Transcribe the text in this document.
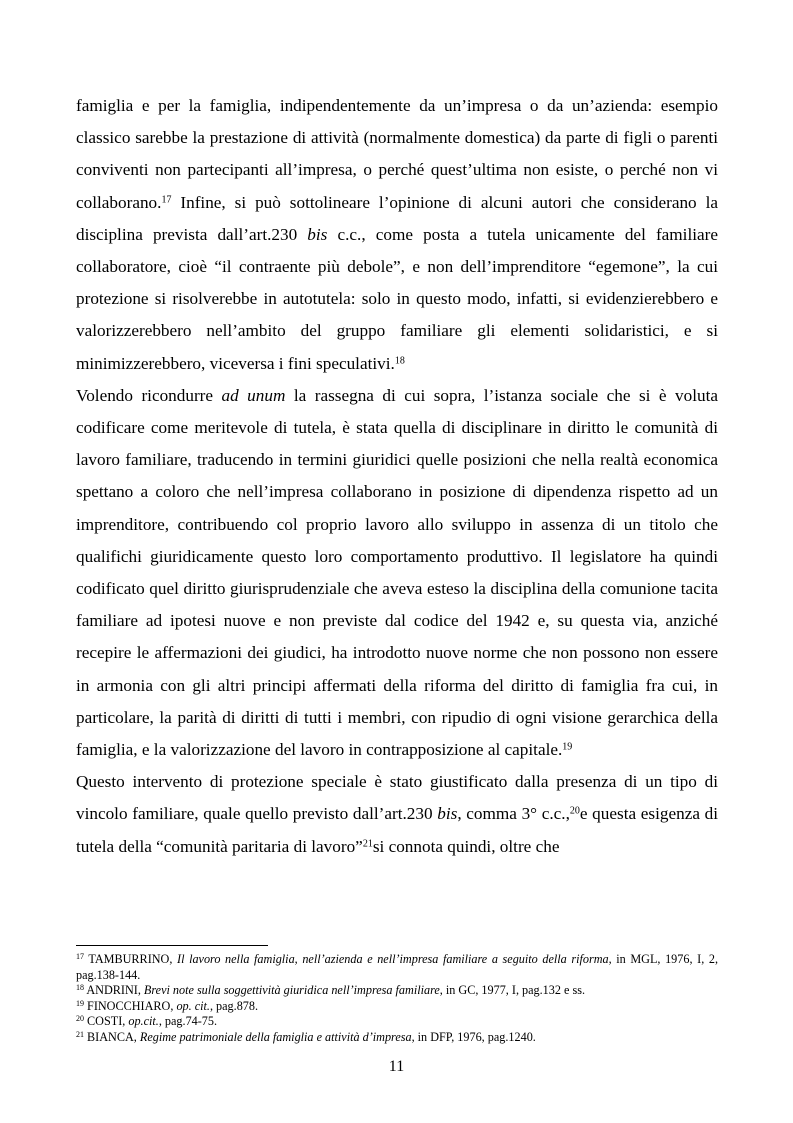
famiglia e per la famiglia, indipendentemente da un’impresa o da un’azienda: esempio classico sarebbe la prestazione di attività (normalmente domestica) da parte di figli o parenti conviventi non partecipanti all’impresa, o perché quest’ultima non esiste, o perché non vi collaborano.$^{17}$ Infine, si può sottolineare l’opinione di alcuni autori che considerano la disciplina prevista dall’art.230 bis c.c., come posta a tutela unicamente del familiare collaboratore, cioè “il contraente più debole”, e non dell’imprenditore “egemone”, la cui protezione si risolverebbe in autotutela: solo in questo modo, infatti, si evidenzierebbero e valorizzerebbero nell’ambito del gruppo familiare gli elementi solidaristici, e si minimizzerebbero, viceversa i fini speculativi.$^{18}$

Volendo ricondurre ad unum la rassegna di cui sopra, l’istanza sociale che si è voluta codificare come meritevole di tutela, è stata quella di disciplinare in diritto le comunità di lavoro familiare, traducendo in termini giuridici quelle posizioni che nella realtà economica spettano a coloro che nell’impresa collaborano in posizione di dipendenza rispetto ad un imprenditore, contribuendo col proprio lavoro allo sviluppo in assenza di un titolo che qualifichi giuridicamente questo loro comportamento produttivo. Il legislatore ha quindi codificato quel diritto giurisprudenziale che aveva esteso la disciplina della comunione tacita familiare ad ipotesi nuove e non previste dal codice del 1942 e, su questa via, anziché recepire le affermazioni dei giudici, ha introdotto nuove norme che non possono non essere in armonia con gli altri principi affermati della riforma del diritto di famiglia fra cui, in particolare, la parità di diritti di tutti i membri, con ripudio di ogni visione gerarchica della famiglia, e la valorizzazione del lavoro in contrapposizione al capitale.$^{19}$

Questo intervento di protezione speciale è stato giustificato dalla presenza di un tipo di vincolo familiare, quale quello previsto dall’art.230 bis, comma 3° c.c.,$^{20}$e questa esigenza di tutela della “comunità paritaria di lavoro”$^{21}$si connota quindi, oltre che

$^{17}$ TAMBURRINO, Il lavoro nella famiglia, nell’azienda e nell’impresa familiare a seguito della riforma, in MGL, 1976, I, 2, pag.138-144.

$^{18}$ ANDRINI, Brevi note sulla soggettività giuridica nell’impresa familiare, in GC, 1977, I, pag.132 e ss.

$^{19}$ FINOCCHIARO, op. cit., pag.878.

$^{20}$ COSTI, op.cit., pag.74-75.

$^{21}$ BIANCA, Regime patrimoniale della famiglia e attività d’impresa, in DFP, 1976, pag.1240.

11
